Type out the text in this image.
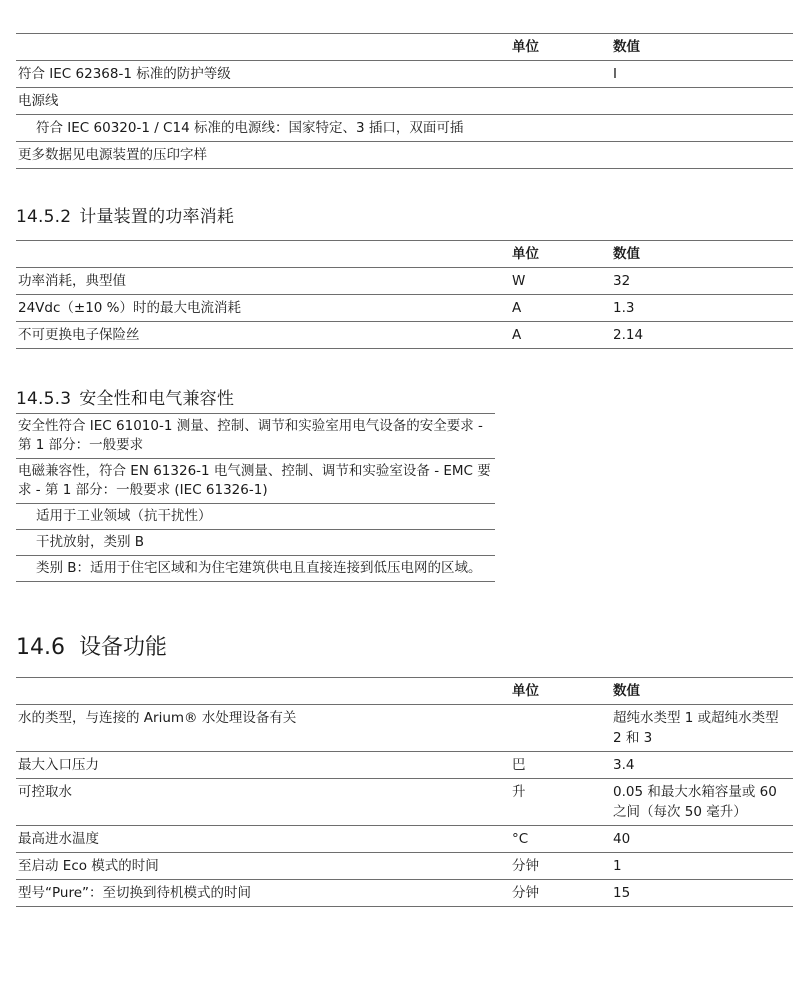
	单位	数值
符合 IEC 62368-1 标准的防护等级		I
电源线		
符合 IEC 60320-1 / C14 标准的电源线：国家特定、3 插口，双面可插		
更多数据见电源装置的压印字样		
14.5.2 计量装置的功率消耗
	单位	数值
功率消耗，典型值	W	32
24Vdc（±10 %）时的最大电流消耗	A	1.3
不可更换电子保险丝	A	2.14
14.5.3 安全性和电气兼容性
安全性符合 IEC 61010-1 测量、控制、调节和实验室用电气设备的安全要求 - 第 1 部分：一般要求
电磁兼容性，符合 EN 61326-1 电气测量、控制、调节和实验室设备 - EMC 要求 - 第 1 部分：一般要求 (IEC 61326-1)
适用于工业领域（抗干扰性）
干扰放射，类别 B
类别 B：适用于住宅区域和为住宅建筑供电且直接连接到低压电网的区域。
14.6 设备功能
	单位	数值
水的类型，与连接的 Arium® 水处理设备有关		超纯水类型 1 或超纯水类型 2 和 3
最大入口压力	巴	3.4
可控取水	升	0.05 和最大水箱容量或 60 之间（每次 50 毫升）
最高进水温度	°C	40
至启动 Eco 模式的时间	分钟	1
型号“Pure”：至切换到待机模式的时间	分钟	15
